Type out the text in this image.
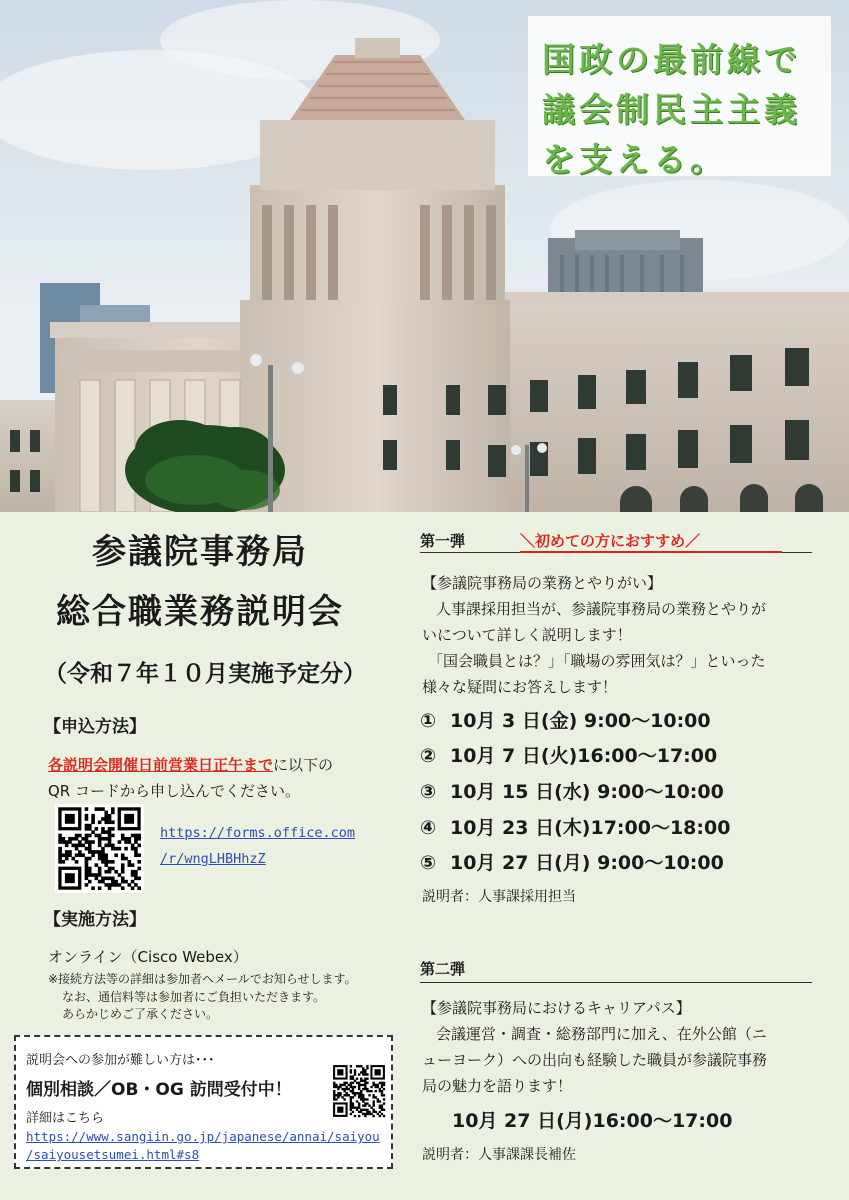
国政の最前線で
議会制民主主義
を支える。
参議院事務局
総合職業務説明会
（令和７年１０月実施予定分）
【申込方法】
各説明会開催日前営業日正午までに以下の
QR コードから申し込んでください。
https://forms.office.com
/r/wngLHBHhzZ
【実施方法】
オンライン（Cisco Webex）
※接続方法等の詳細は参加者へメールでお知らせします。
なお、通信料等は参加者にご負担いただきます。
あらかじめご了承ください。
説明会への参加が難しい方は･･･
個別相談／OB・OG 訪問受付中！
詳細はこちら
https://www.sangiin.go.jp/japanese/annai/saiyou
/saiyousetsumei.html#s8
第一弾	＼初めての方におすすめ／
【参議院事務局の業務とやりがい】
人事課採用担当が、参議院事務局の業務とやりが
いについて詳しく説明します！
「国会職員とは？」「職場の雰囲気は？」といった
様々な疑問にお答えします！
① 10月 3 日(金) 9:00～10:00
② 10月 7 日(火)16:00～17:00
③ 10月 15 日(水) 9:00～10:00
④ 10月 23 日(木)17:00～18:00
⑤ 10月 27 日(月) 9:00～10:00
説明者：人事課採用担当
第二弾
【参議院事務局におけるキャリアパス】
会議運営・調査・総務部門に加え、在外公館（ニ
ューヨーク）への出向も経験した職員が参議院事務
局の魅力を語ります！
10月 27 日(月)16:00～17:00
説明者：人事課課長補佐
